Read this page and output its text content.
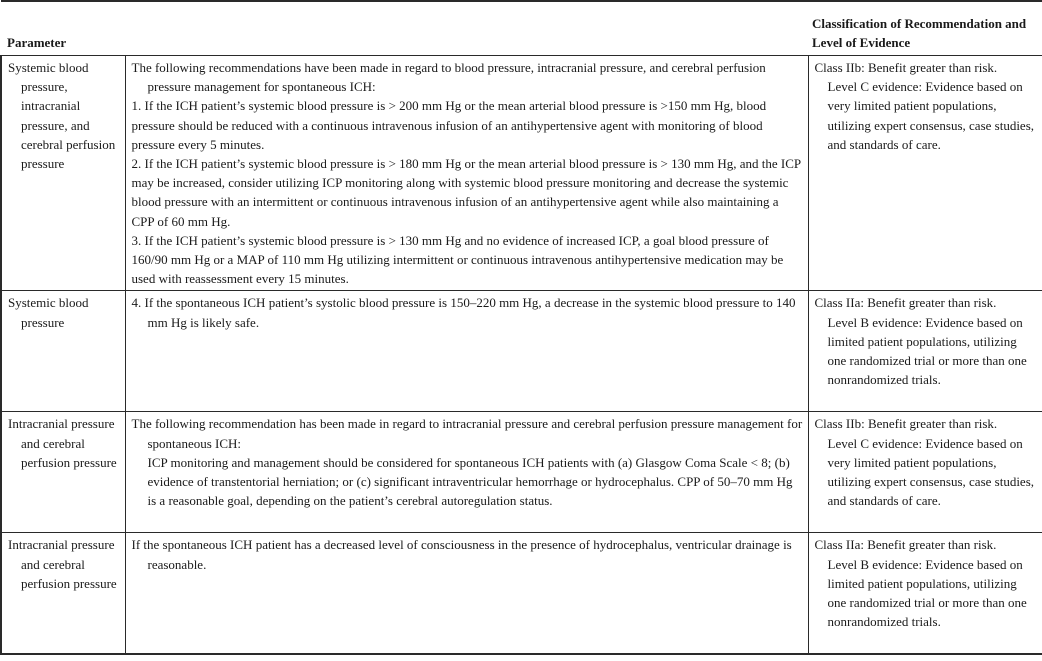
Parameter		Classification of Recommendation and Level of Evidence

Systemic blood pressure, intracranial pressure, and cerebral perfusion pressure	The following recommendations have been made in regard to blood pressure, intracranial pressure, and cerebral perfusion pressure management for spontaneous ICH:
1. If the ICH patient’s systemic blood pressure is > 200 mm Hg or the mean arterial blood pressure is >150 mm Hg, blood pressure should be reduced with a continuous intravenous infusion of an antihypertensive agent with monitoring of blood pressure every 5 minutes.
2. If the ICH patient’s systemic blood pressure is > 180 mm Hg or the mean arterial blood pressure is > 130 mm Hg, and the ICP may be increased, consider utilizing ICP monitoring along with systemic blood pressure monitoring and decrease the systemic blood pressure with an intermittent or continuous intravenous infusion of an antihypertensive agent while also maintaining a CPP of 60 mm Hg.
3. If the ICH patient’s systemic blood pressure is > 130 mm Hg and no evidence of increased ICP, a goal blood pressure of 160/90 mm Hg or a MAP of 110 mm Hg utilizing intermittent or continuous intravenous antihypertensive medication may be used with reassessment every 15 minutes.	Class IIb: Benefit greater than risk.
Level C evidence: Evidence based on very limited patient populations, utilizing expert consensus, case studies, and standards of care.

Systemic blood pressure	4. If the spontaneous ICH patient’s systolic blood pressure is 150–220 mm Hg, a decrease in the systemic blood pressure to 140 mm Hg is likely safe.	Class IIa: Benefit greater than risk.
Level B evidence: Evidence based on limited patient populations, utilizing one randomized trial or more than one nonrandomized trials.

Intracranial pressure and cerebral perfusion pressure	The following recommendation has been made in regard to intracranial pressure and cerebral perfusion pressure management for spontaneous ICH:
ICP monitoring and management should be considered for spontaneous ICH patients with (a) Glasgow Coma Scale < 8; (b) evidence of transtentorial herniation; or (c) significant intraventricular hemorrhage or hydrocephalus. CPP of 50–70 mm Hg is a reasonable goal, depending on the patient’s cerebral autoregulation status.	Class IIb: Benefit greater than risk.
Level C evidence: Evidence based on very limited patient populations, utilizing expert consensus, case studies, and standards of care.

Intracranial pressure and cerebral perfusion pressure	If the spontaneous ICH patient has a decreased level of consciousness in the presence of hydrocephalus, ventricular drainage is reasonable.	Class IIa: Benefit greater than risk.
Level B evidence: Evidence based on limited patient populations, utilizing one randomized trial or more than one nonrandomized trials.
